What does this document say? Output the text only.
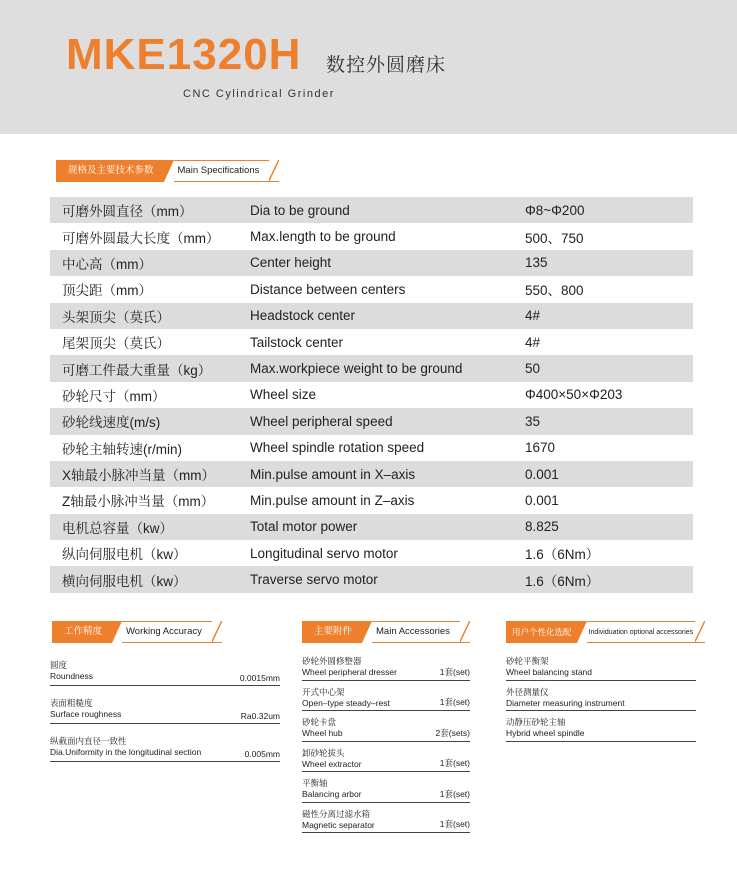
MKE1320H 数控外圆磨床
CNC Cylindrical Grinder
规格及主要技术参数	Main Specifications
可磨外圆直径（mm）	Dia to be ground	Φ8~Φ200
可磨外圆最大长度（mm）	Max.length to be ground	500、750
中心高（mm）	Center height	135
顶尖距（mm）	Distance between centers	550、800
头架顶尖（莫氏）	Headstock center	4#
尾架顶尖（莫氏）	Tailstock center	4#
可磨工件最大重量（kg）	Max.workpiece weight to be ground	50
砂轮尺寸（mm）	Wheel size	Φ400×50×Φ203
砂轮线速度(m/s)	Wheel peripheral speed	35
砂轮主轴转速(r/min)	Wheel spindle rotation speed	1670
X轴最小脉冲当量（mm）	Min.pulse amount in X–axis	0.001
Z轴最小脉冲当量（mm）	Min.pulse amount in Z–axis	0.001
电机总容量（kw）	Total motor power	8.825
纵向伺服电机（kw）	Longitudinal servo motor	1.6（6Nm）
横向伺服电机（kw）	Traverse servo motor	1.6（6Nm）
工作精度	Working Accuracy
圆度
Roundness	0.0015mm
表面粗糙度
Surface roughness	Ra0.32um
纵截面内直径一致性
Dia.Uniformity in the longitudinal section	0.005mm
主要附件	Main Accessories
砂轮外圆修整器
Wheel peripheral dresser	1套(set)
开式中心架
Open–type steady–rest	1套(set)
砂轮卡盘
Wheel hub	2套(sets)
卸砂轮拔头
Wheel extractor	1套(set)
平衡轴
Balancing arbor	1套(set)
磁性分离过滤水箱
Magnetic separator	1套(set)
用户个性化选配	Individuation optional accessories
砂轮平衡架
Wheel balancing stand
外径测量仪
Diameter measuring instrument
动静压砂轮主轴
Hybrid wheel spindle
